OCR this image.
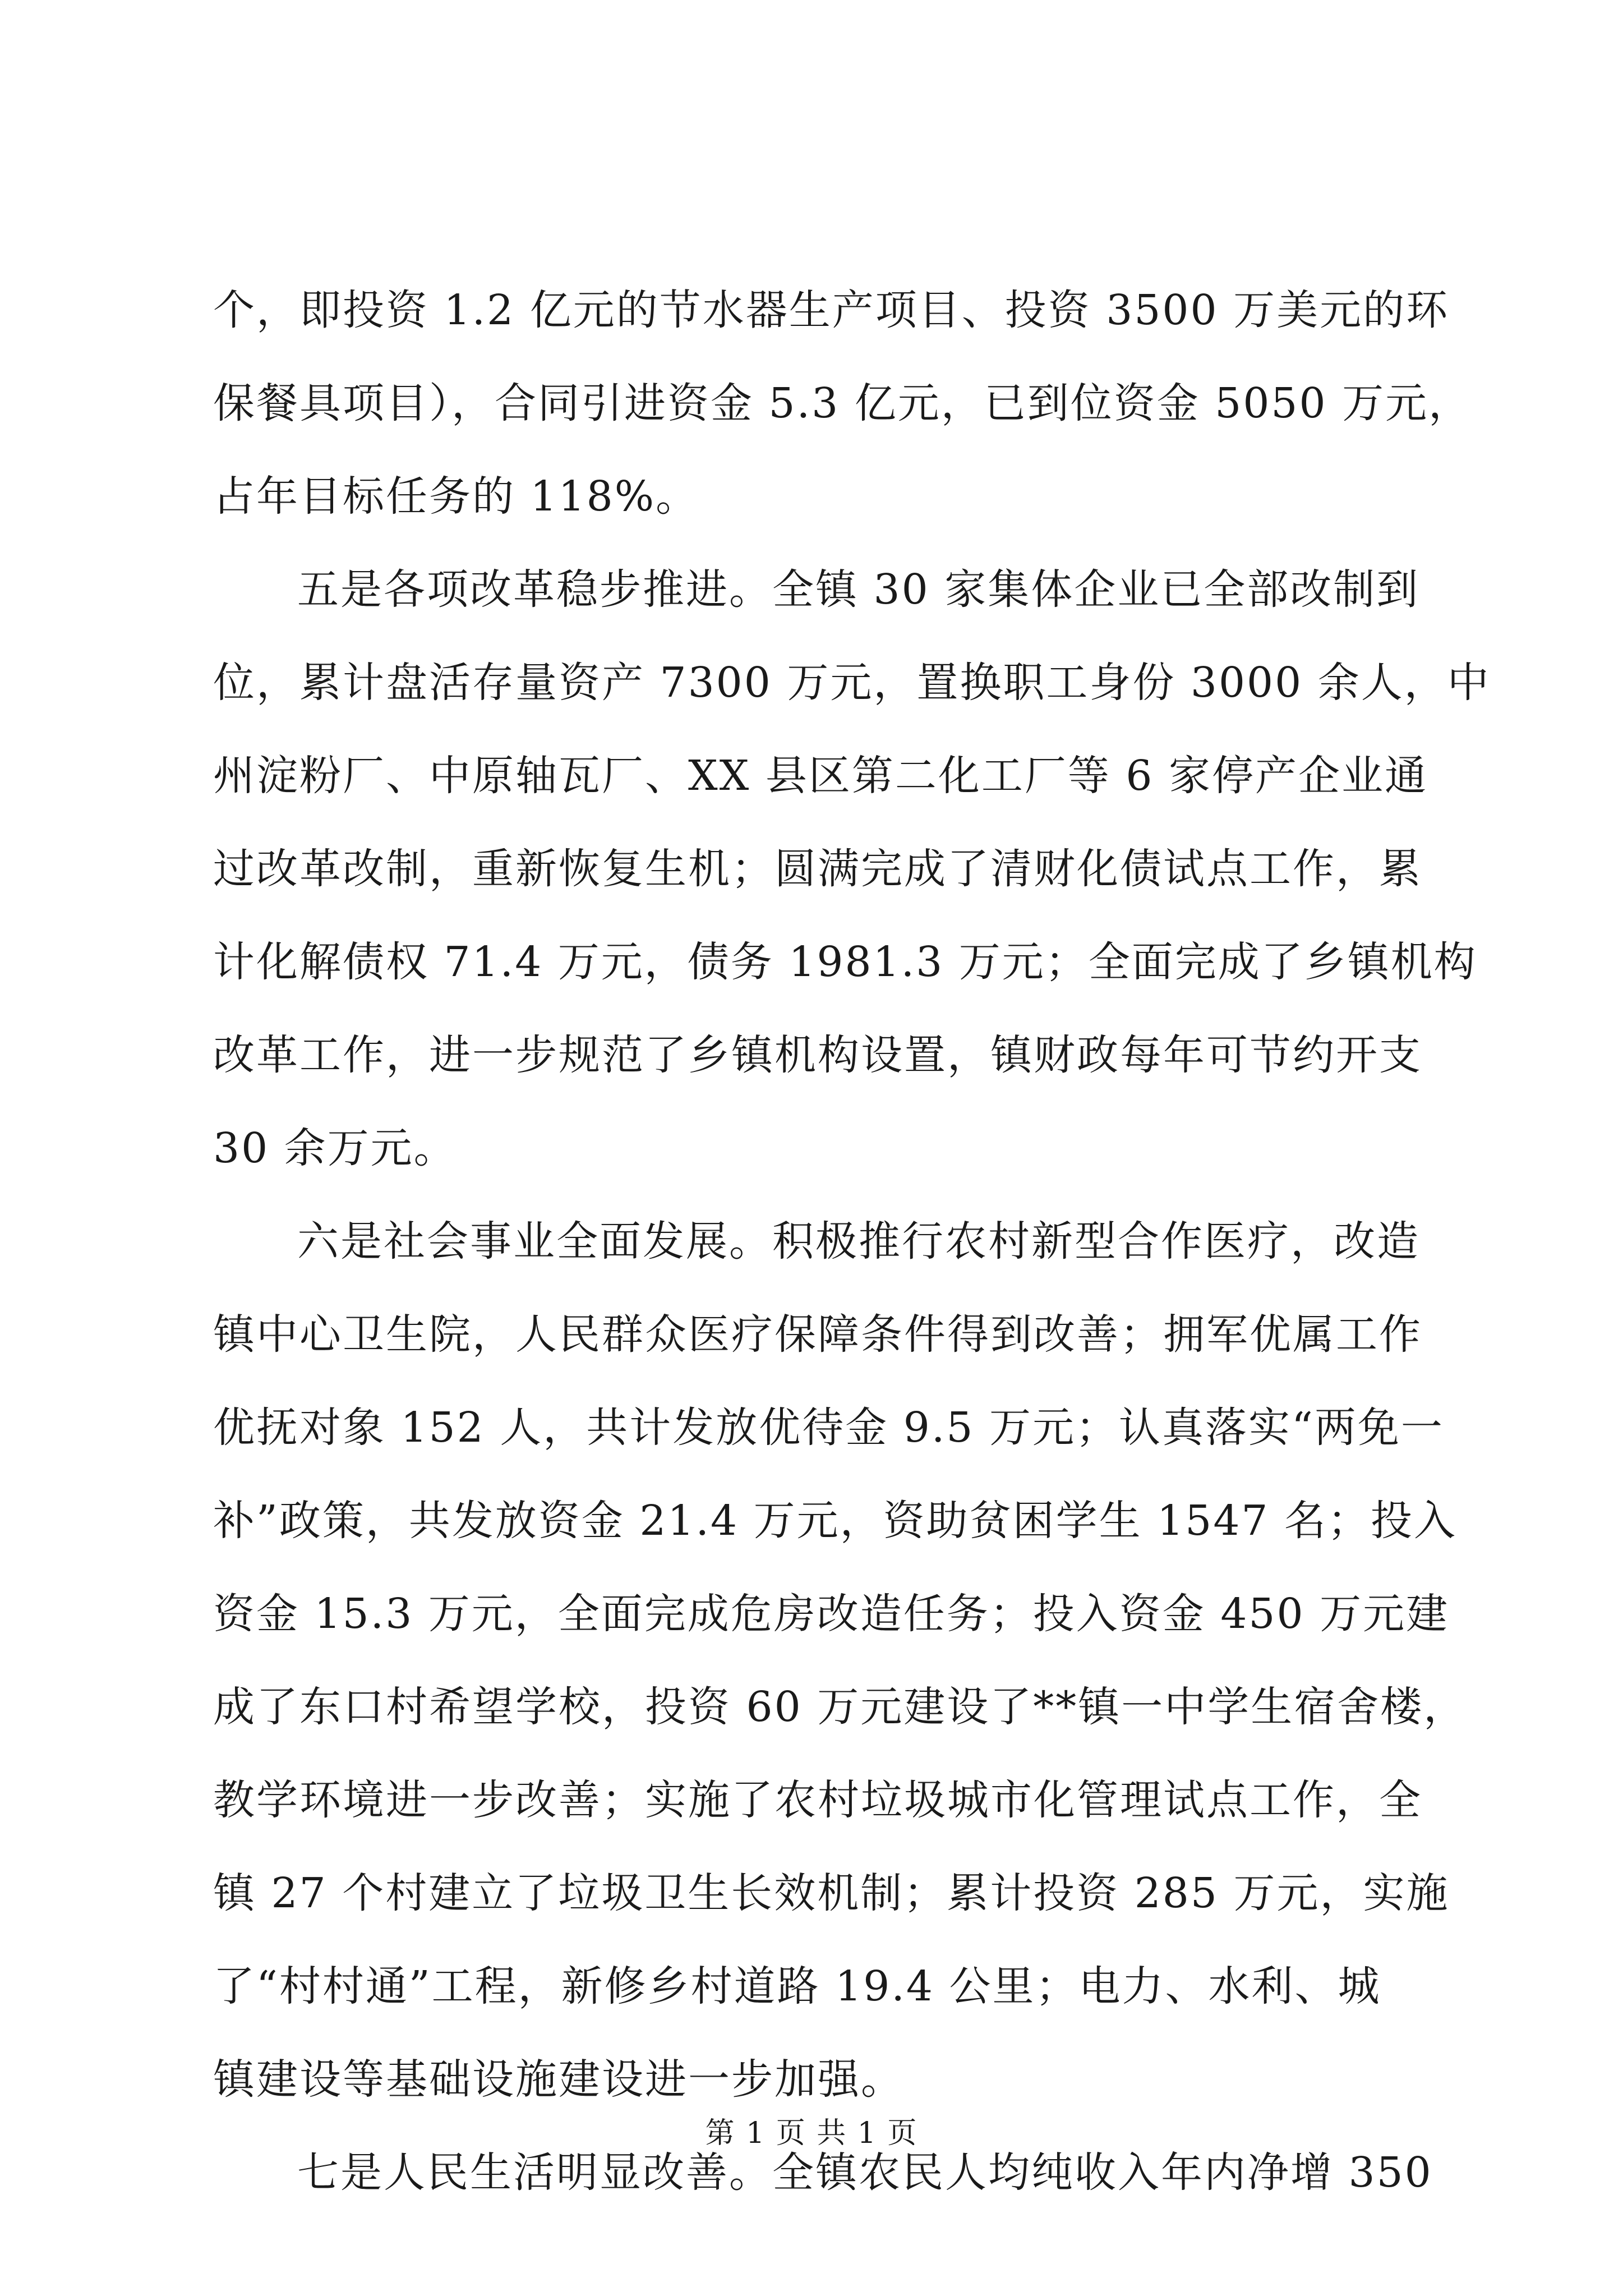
个，即投资 1.2 亿元的节水器生产项目、投资 3500 万美元的环
保餐具项目），合同引进资金 5.3 亿元，已到位资金 5050 万元，
占年目标任务的 118%。
五是各项改革稳步推进。全镇 30 家集体企业已全部改制到
位，累计盘活存量资产 7300 万元，置换职工身份 3000 余人，中
州淀粉厂、中原轴瓦厂、XX 县区第二化工厂等 6 家停产企业通
过改革改制，重新恢复生机；圆满完成了清财化债试点工作，累
计化解债权 71.4 万元，债务 1981.3 万元；全面完成了乡镇机构
改革工作，进一步规范了乡镇机构设置，镇财政每年可节约开支
30 余万元。
六是社会事业全面发展。积极推行农村新型合作医疗，改造
镇中心卫生院，人民群众医疗保障条件得到改善；拥军优属工作
优抚对象 152 人，共计发放优待金 9.5 万元；认真落实“两免一
补”政策，共发放资金 21.4 万元，资助贫困学生 1547 名；投入
资金 15.3 万元，全面完成危房改造任务；投入资金 450 万元建
成了东口村希望学校，投资 60 万元建设了**镇一中学生宿舍楼，
教学环境进一步改善；实施了农村垃圾城市化管理试点工作，全
镇 27 个村建立了垃圾卫生长效机制；累计投资 285 万元，实施
了“村村通”工程，新修乡村道路 19.4 公里；电力、水利、城
镇建设等基础设施建设进一步加强。
七是人民生活明显改善。全镇农民人均纯收入年内净增 350
第 1 页 共 1 页
